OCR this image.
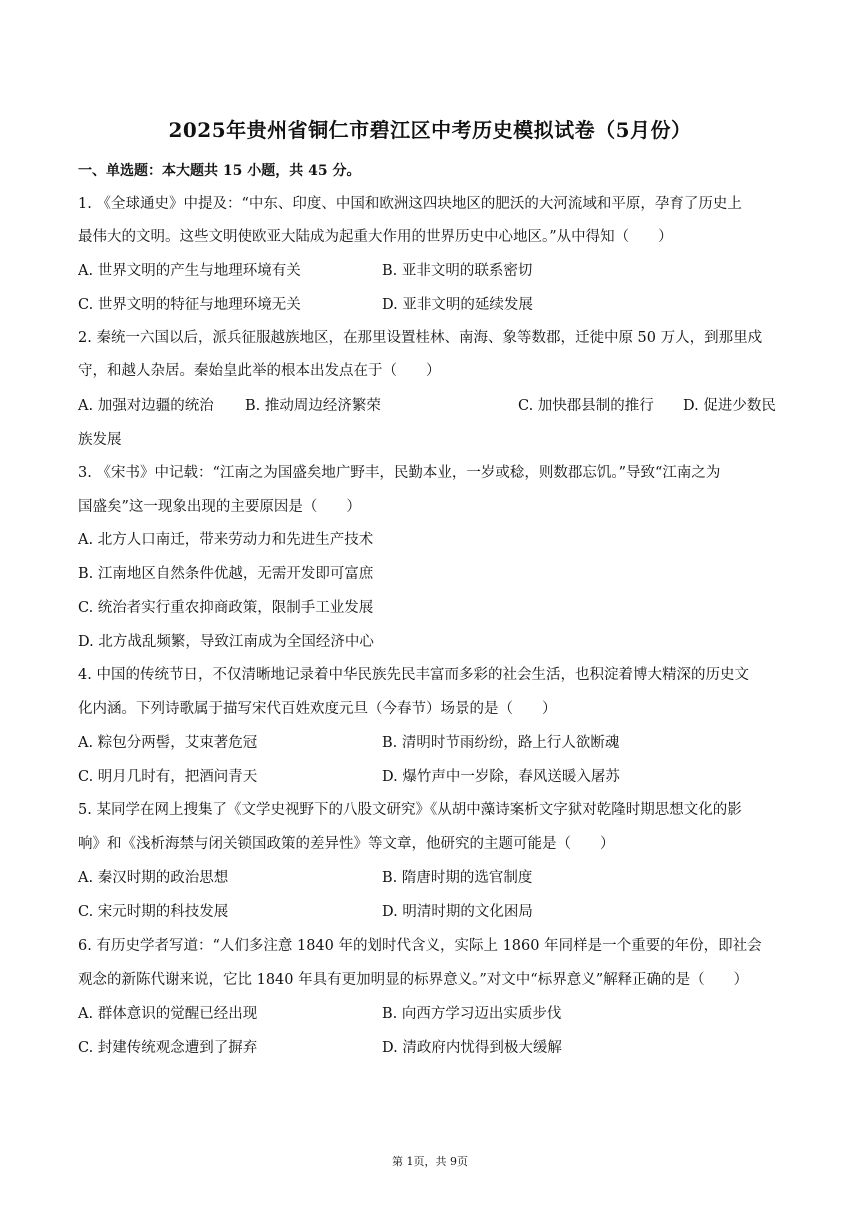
2025年贵州省铜仁市碧江区中考历史模拟试卷（5月份）
一、单选题：本大题共 15 小题，共 45 分。
1. 《全球通史》中提及：“中东、印度、中国和欧洲这四块地区的肥沃的大河流域和平原，孕育了历史上
最伟大的文明。这些文明使欧亚大陆成为起重大作用的世界历史中心地区。”从中得知（　　）
A. 世界文明的产生与地理环境有关	B. 亚非文明的联系密切
C. 世界文明的特征与地理环境无关	D. 亚非文明的延续发展
2. 秦统一六国以后，派兵征服越族地区，在那里设置桂林、南海、象等数郡，迁徙中原 50 万人，到那里戍
守，和越人杂居。秦始皇此举的根本出发点在于（　　）
A. 加强对边疆的统治 B. 推动周边经济繁荣	C. 加快郡县制的推行 D. 促进少数民
族发展
3. 《宋书》中记载：“江南之为国盛矣地广野丰，民勤本业，一岁或稔，则数郡忘饥。”导致“江南之为
国盛矣”这一现象出现的主要原因是（　　）
A. 北方人口南迁，带来劳动力和先进生产技术
B. 江南地区自然条件优越，无需开发即可富庶
C. 统治者实行重农抑商政策，限制手工业发展
D. 北方战乱频繁，导致江南成为全国经济中心
4. 中国的传统节日，不仅清晰地记录着中华民族先民丰富而多彩的社会生活，也积淀着博大精深的历史文
化内涵。下列诗歌属于描写宋代百姓欢度元旦（今春节）场景的是（　　）
A. 粽包分两髻，艾束著危冠	B. 清明时节雨纷纷，路上行人欲断魂
C. 明月几时有，把酒问青天	D. 爆竹声中一岁除，春风送暖入屠苏
5. 某同学在网上搜集了《文学史视野下的八股文研究》《从胡中藻诗案析文字狱对乾隆时期思想文化的影
响》和《浅析海禁与闭关锁国政策的差异性》等文章，他研究的主题可能是（　　）
A. 秦汉时期的政治思想	B. 隋唐时期的选官制度
C. 宋元时期的科技发展	D. 明清时期的文化困局
6. 有历史学者写道：“人们多注意 1840 年的划时代含义，实际上 1860 年同样是一个重要的年份，即社会
观念的新陈代谢来说，它比 1840 年具有更加明显的标界意义。”对文中“标界意义”解释正确的是（　　）
A. 群体意识的觉醒已经出现	B. 向西方学习迈出实质步伐
C. 封建传统观念遭到了摒弃	D. 清政府内忧得到极大缓解
第 1页，共 9页
